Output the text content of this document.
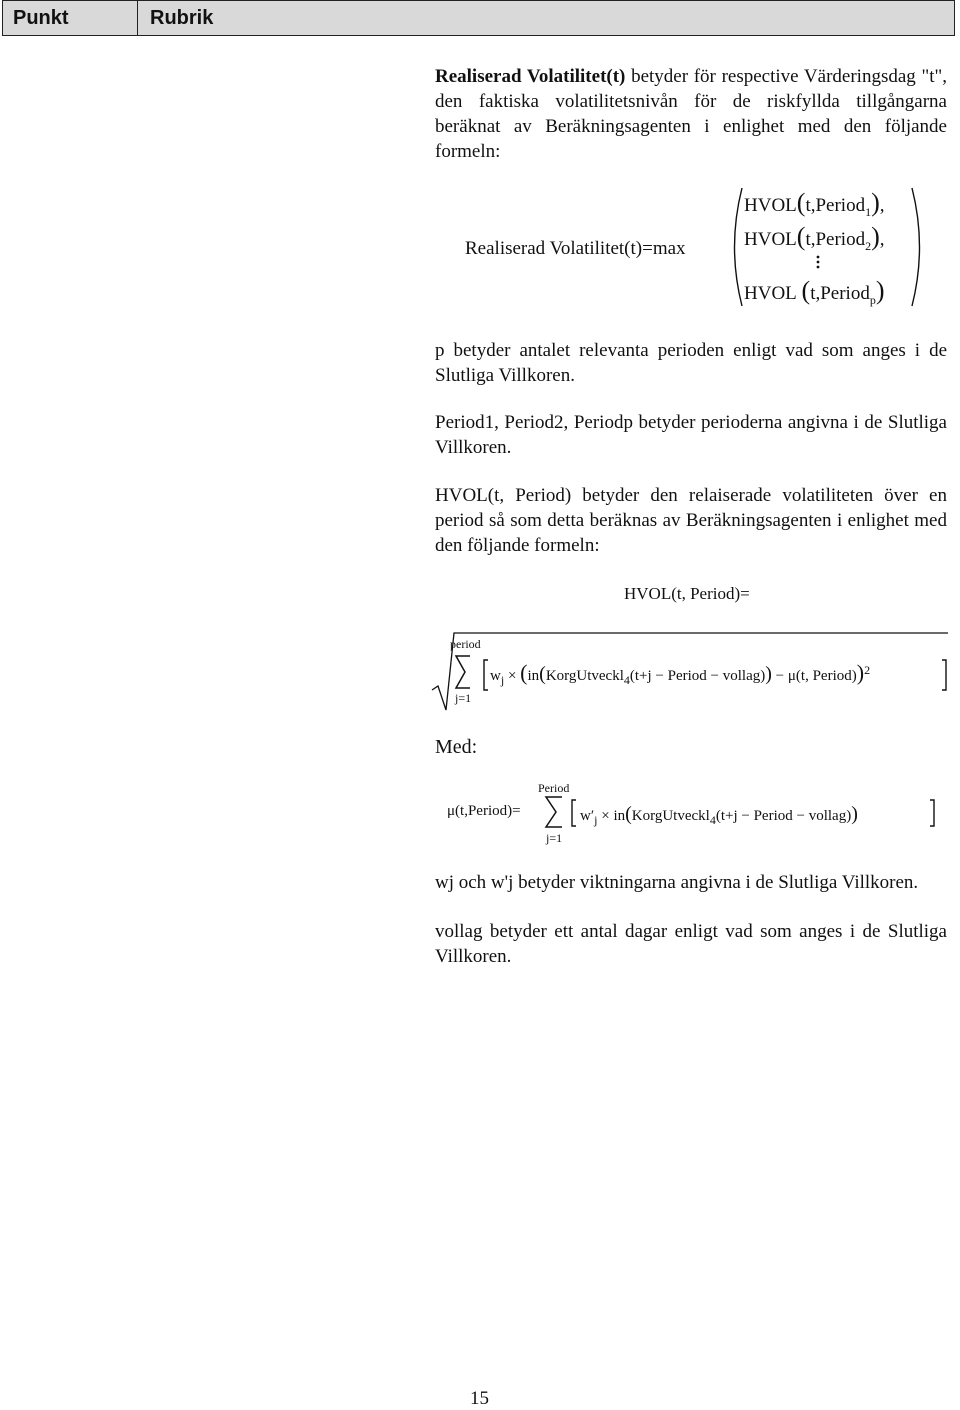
Punkt	Rubrik
Realiserad Volatilitet(t) betyder för respective Värderingsdag "t", den faktiska volatilitetsnivån för de riskfyllda tillgångarna beräknat av Beräkningsagenten i enlighet med den följande formeln:
Realiserad Volatilitet(t)=max
HVOL(t,Period$_1$),
HVOL(t,Period$_2$),
HVOL (t,Period$_p$)
p betyder antalet relevanta perioden enligt vad som anges i de Slutliga Villkoren.
Period1, Period2, Periodp betyder perioderna angivna i de Slutliga Villkoren.
HVOL(t, Period) betyder den relaiserade volatiliteten över en period så som detta beräknas av Beräkningsagenten i enlighet med den följande formeln:
HVOL(t, Period)=
period
j=1
$w_j$ × (in(KorgUtveckl$_4$(t+j − Period − vollag)) − μ(t, Period))$^2$
Med:
μ(t,Period)=
Period
j=1
$w'_j$ × in(KorgUtveckl$_4$(t+j − Period − vollag))
wj och w'j betyder viktningarna angivna i de Slutliga Villkoren.
vollag betyder ett antal dagar enligt vad som anges i de Slutliga Villkoren.
15
